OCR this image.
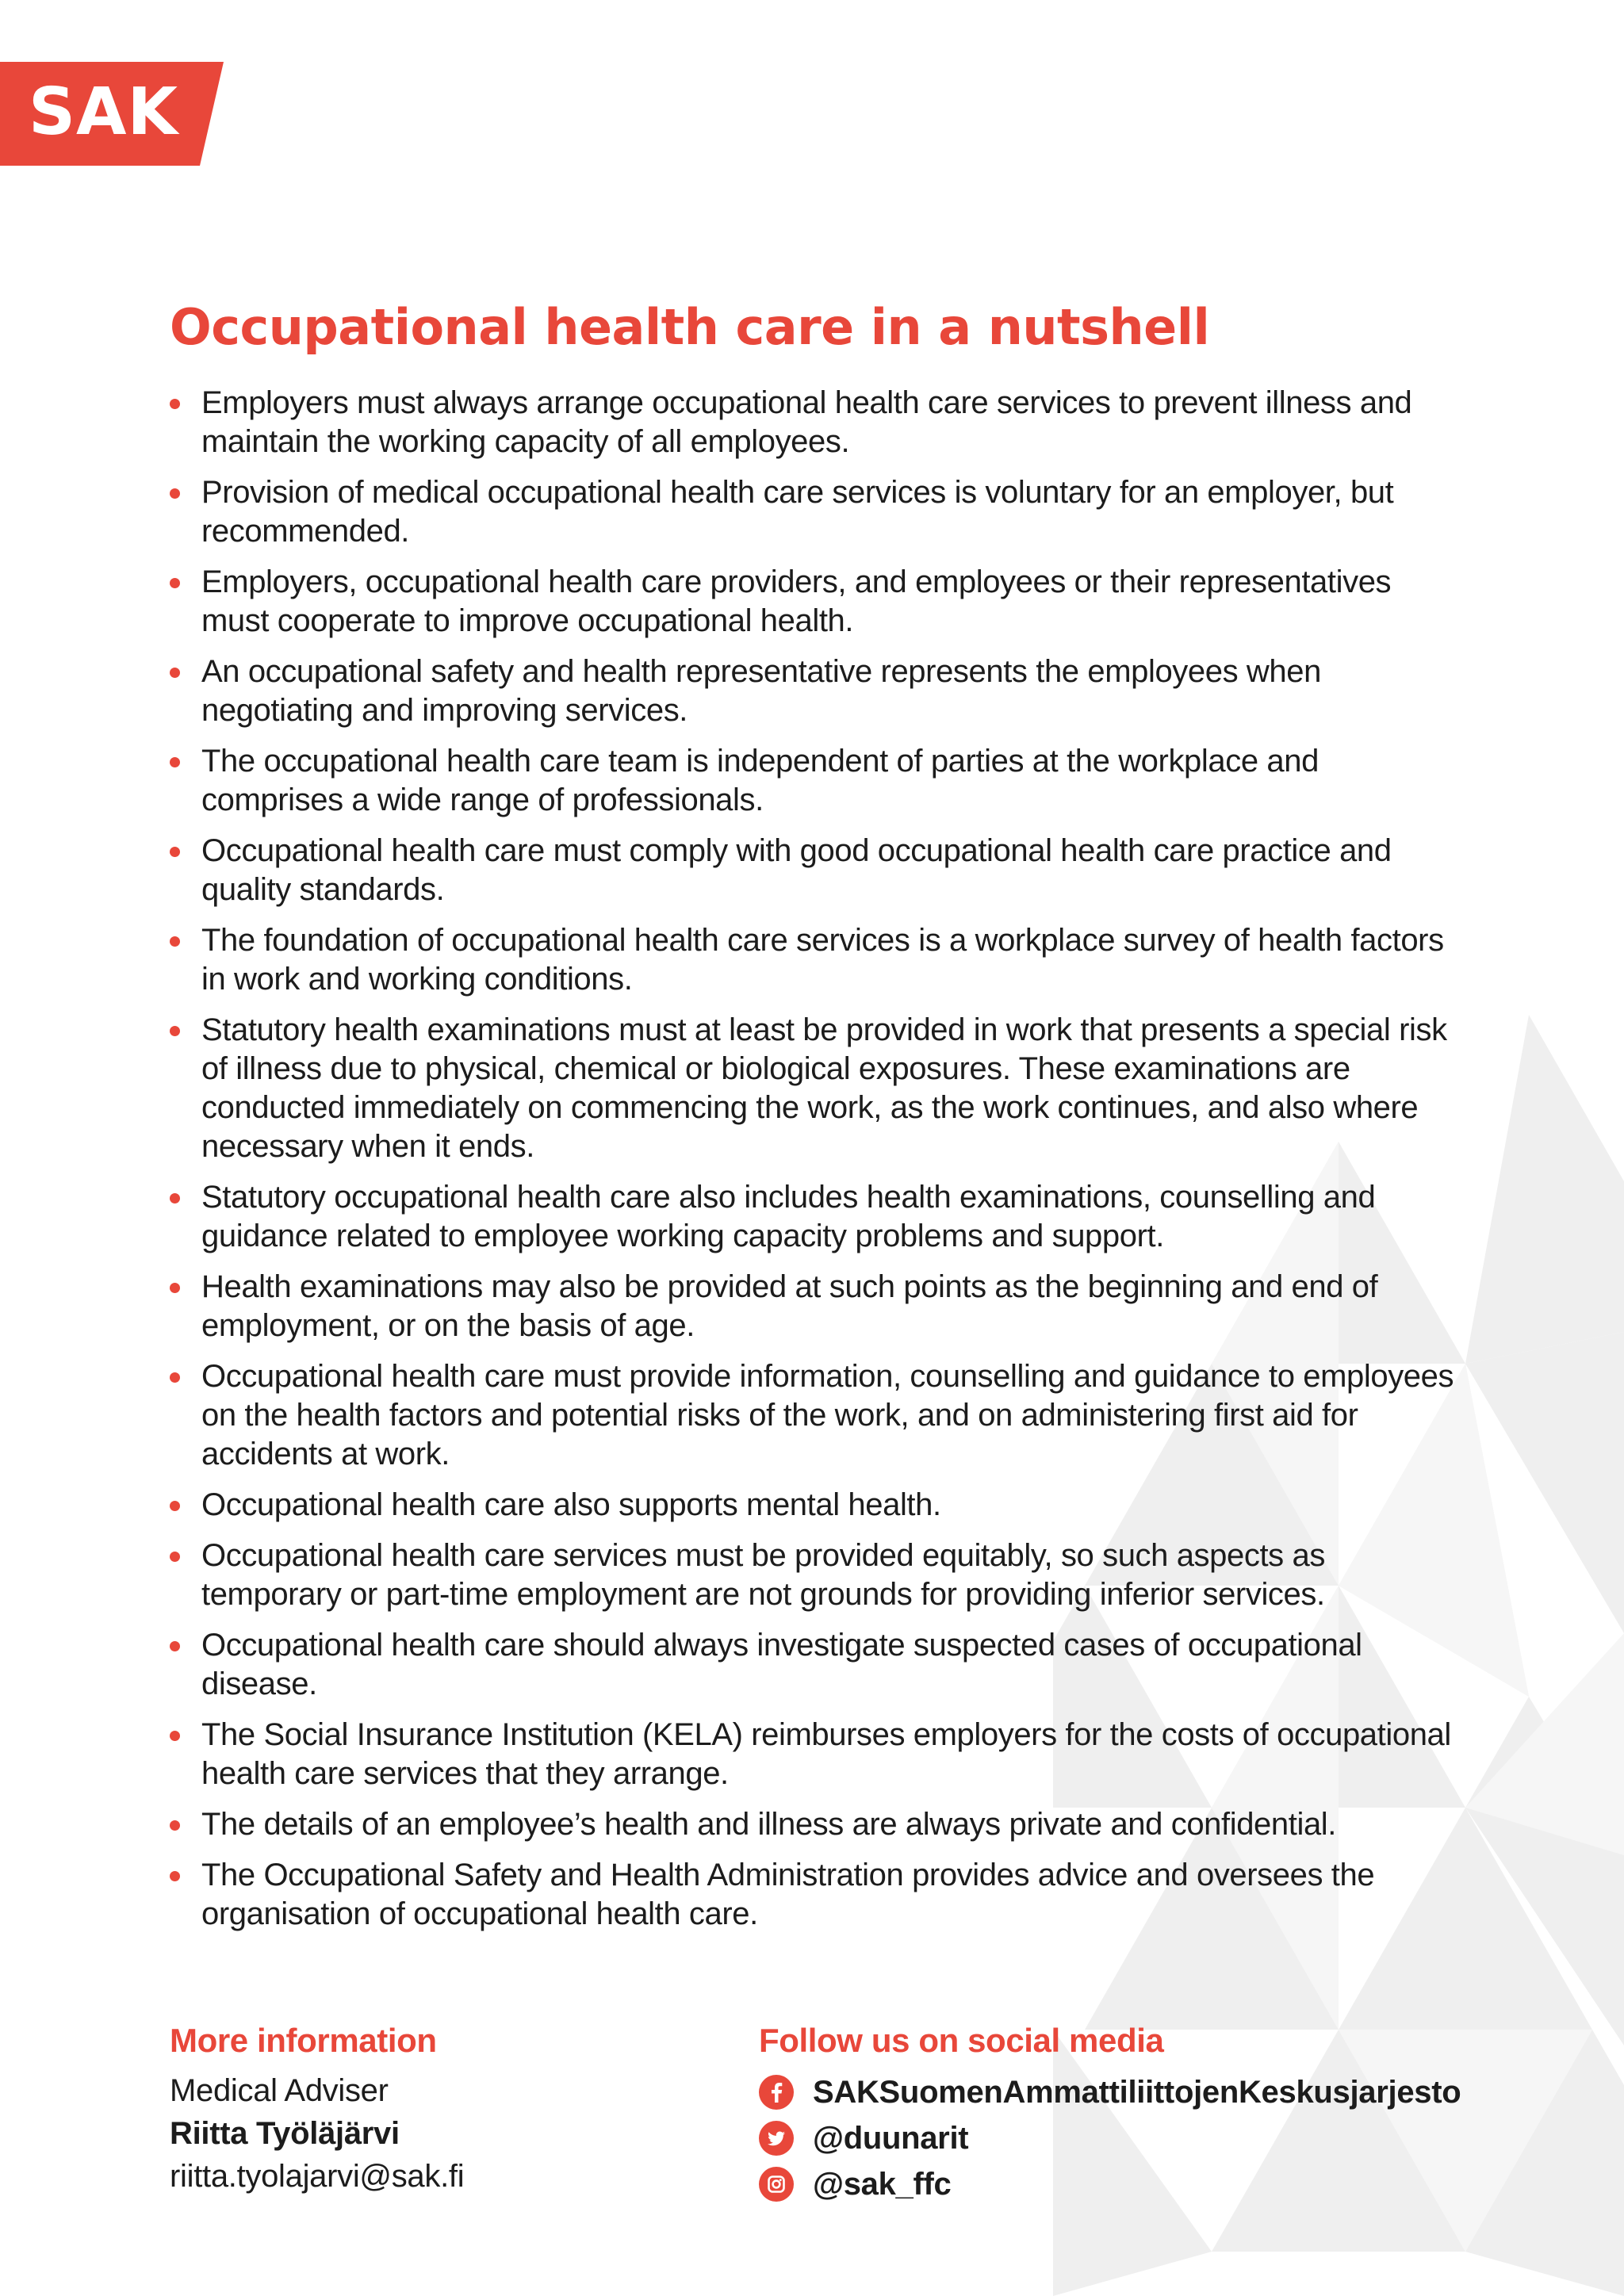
SAK
Occupational health care in a nutshell
Employers must always arrange occupational health care services to prevent illness and maintain the working capacity of all employees.
Provision of medical occupational health care services is voluntary for an employer, but recommended.
Employers, occupational health care providers, and employees or their representatives must cooperate to improve occupational health.
An occupational safety and health representative represents the employees when negotiating and improving services.
The occupational health care team is independent of parties at the workplace and comprises a wide range of professionals.
Occupational health care must comply with good occupational health care practice and quality standards.
The foundation of occupational health care services is a workplace survey of health factors in work and working conditions.
Statutory health examinations must at least be provided in work that presents a special risk of illness due to physical, chemical or biological exposures. These examinations are conducted immediately on commencing the work, as the work continues, and also where necessary when it ends.
Statutory occupational health care also includes health examinations, counselling and guidance related to employee working capacity problems and support.
Health examinations may also be provided at such points as the beginning and end of employment, or on the basis of age.
Occupational health care must provide information, counselling and guidance to employees on the health factors and potential risks of the work, and on administering first aid for accidents at work.
Occupational health care also supports mental health.
Occupational health care services must be provided equitably, so such aspects as temporary or part-time employment are not grounds for providing inferior services.
Occupational health care should always investigate suspected cases of occupational disease.
The Social Insurance Institution (KELA) reimburses employers for the costs of occupational health care services that they arrange.
The details of an employee’s health and illness are always private and confidential.
The Occupational Safety and Health Administration provides advice and oversees the organisation of occupational health care.
More information
Medical Adviser
Riitta Työläjärvi
riitta.tyolajarvi@sak.fi
Follow us on social media
SAKSuomenAmmattiliittojenKeskusjarjesto
@duunarit
@sak_ffc
